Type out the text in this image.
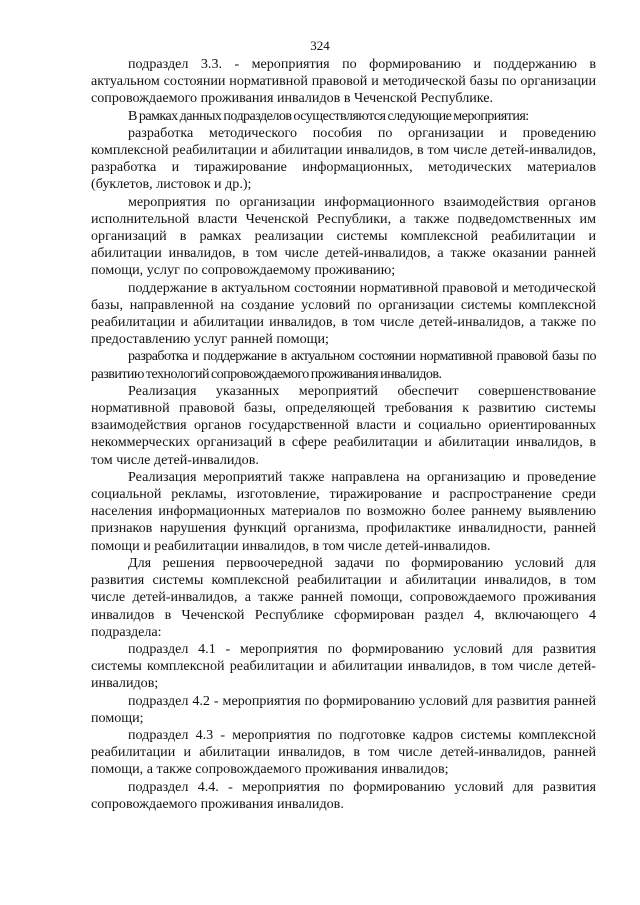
324

подраздел 3.3. - мероприятия по формированию и поддержанию в актуальном состоянии нормативной правовой и методической базы по организации сопровождаемого проживания инвалидов в Чеченской Республике.

В рамках данных подразделов осуществляются следующие мероприятия:

разработка методического пособия по организации и проведению комплексной реабилитации и абилитации инвалидов, в том числе детей-инвалидов, разработка и тиражирование информационных, методических материалов (буклетов, листовок и др.);

мероприятия по организации информационного взаимодействия органов исполнительной власти Чеченской Республики, а также подведомственных им организаций в рамках реализации системы комплексной реабилитации и абилитации инвалидов, в том числе детей-инвалидов, а также оказании ранней помощи, услуг по сопровождаемому проживанию;

поддержание в актуальном состоянии нормативной правовой и методической базы, направленной на создание условий по организации системы комплексной реабилитации и абилитации инвалидов, в том числе детей-инвалидов, а также по предоставлению услуг ранней помощи;

разработка и поддержание в актуальном состоянии нормативной правовой базы по развитию технологий сопровождаемого проживания инвалидов.

Реализация указанных мероприятий обеспечит совершенствование нормативной правовой базы, определяющей требования к развитию системы взаимодействия органов государственной власти и социально ориентированных некоммерческих организаций в сфере реабилитации и абилитации инвалидов, в том числе детей-инвалидов.

Реализация мероприятий также направлена на организацию и проведение социальной рекламы, изготовление, тиражирование и распространение среди населения информационных материалов по возможно более раннему выявлению признаков нарушения функций организма, профилактике инвалидности, ранней помощи и реабилитации инвалидов, в том числе детей-инвалидов.

Для решения первоочередной задачи по формированию условий для развития системы комплексной реабилитации и абилитации инвалидов, в том числе детей-инвалидов, а также ранней помощи, сопровождаемого проживания инвалидов в Чеченской Республике сформирован раздел 4, включающего 4 подраздела:

подраздел 4.1 - мероприятия по формированию условий для развития системы комплексной реабилитации и абилитации инвалидов, в том числе детей-инвалидов;

подраздел 4.2 - мероприятия по формированию условий для развития ранней помощи;

подраздел 4.3 - мероприятия по подготовке кадров системы комплексной реабилитации и абилитации инвалидов, в том числе детей-инвалидов, ранней помощи, а также сопровождаемого проживания инвалидов;

подраздел 4.4. - мероприятия по формированию условий для развития сопровождаемого проживания инвалидов.
